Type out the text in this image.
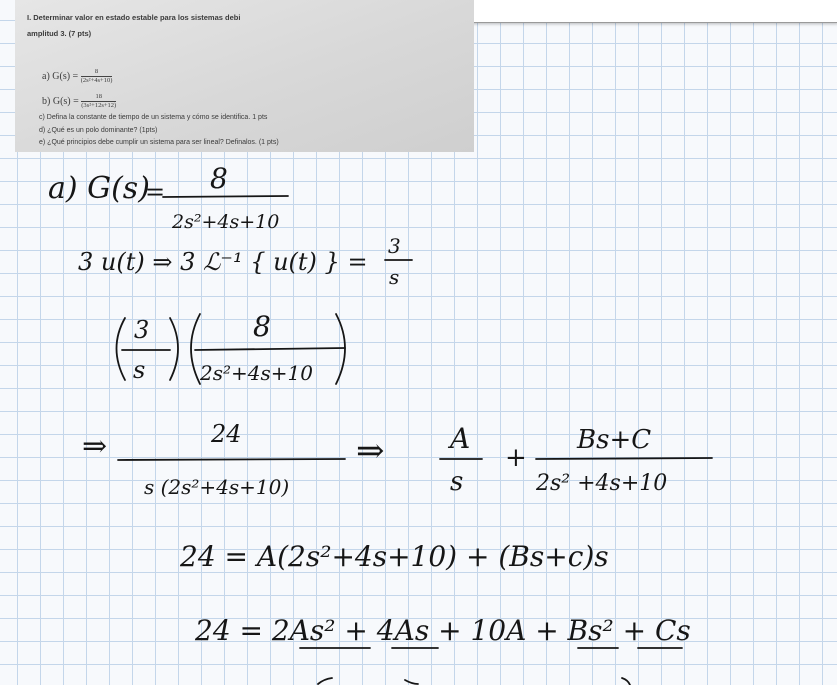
I. Determinar valor en estado estable para los sistemas debi
amplitud 3. (7 pts)
a) $G(s) = \frac{8}{\text{(2s²+4s+10)}}$
b) $G(s) = \frac{18}{\text{(3s²+12s+12)}}$
c) Defina la constante de tiempo de un sistema y cómo se identifica. 1 pts
d) ¿Qué es un polo dominante? (1pts)
e) ¿Qué principios debe cumplir un sistema para ser lineal? Definalos. (1 pts)
a) G(s)
= 8
2s²+4s+10
3 u(t) ⇒ 3 ℒ⁻¹ { u(t) } =
3
s
3
s
8
2s²+4s+10
⇒	24
s (2s²+4s+10)
⇒ A
s
+
Bs+C
2s² +4s+10
24 = A(2s²+4s+10) + (Bs+c)s
24 = 2As² + 4As + 10A + Bs² + Cs
